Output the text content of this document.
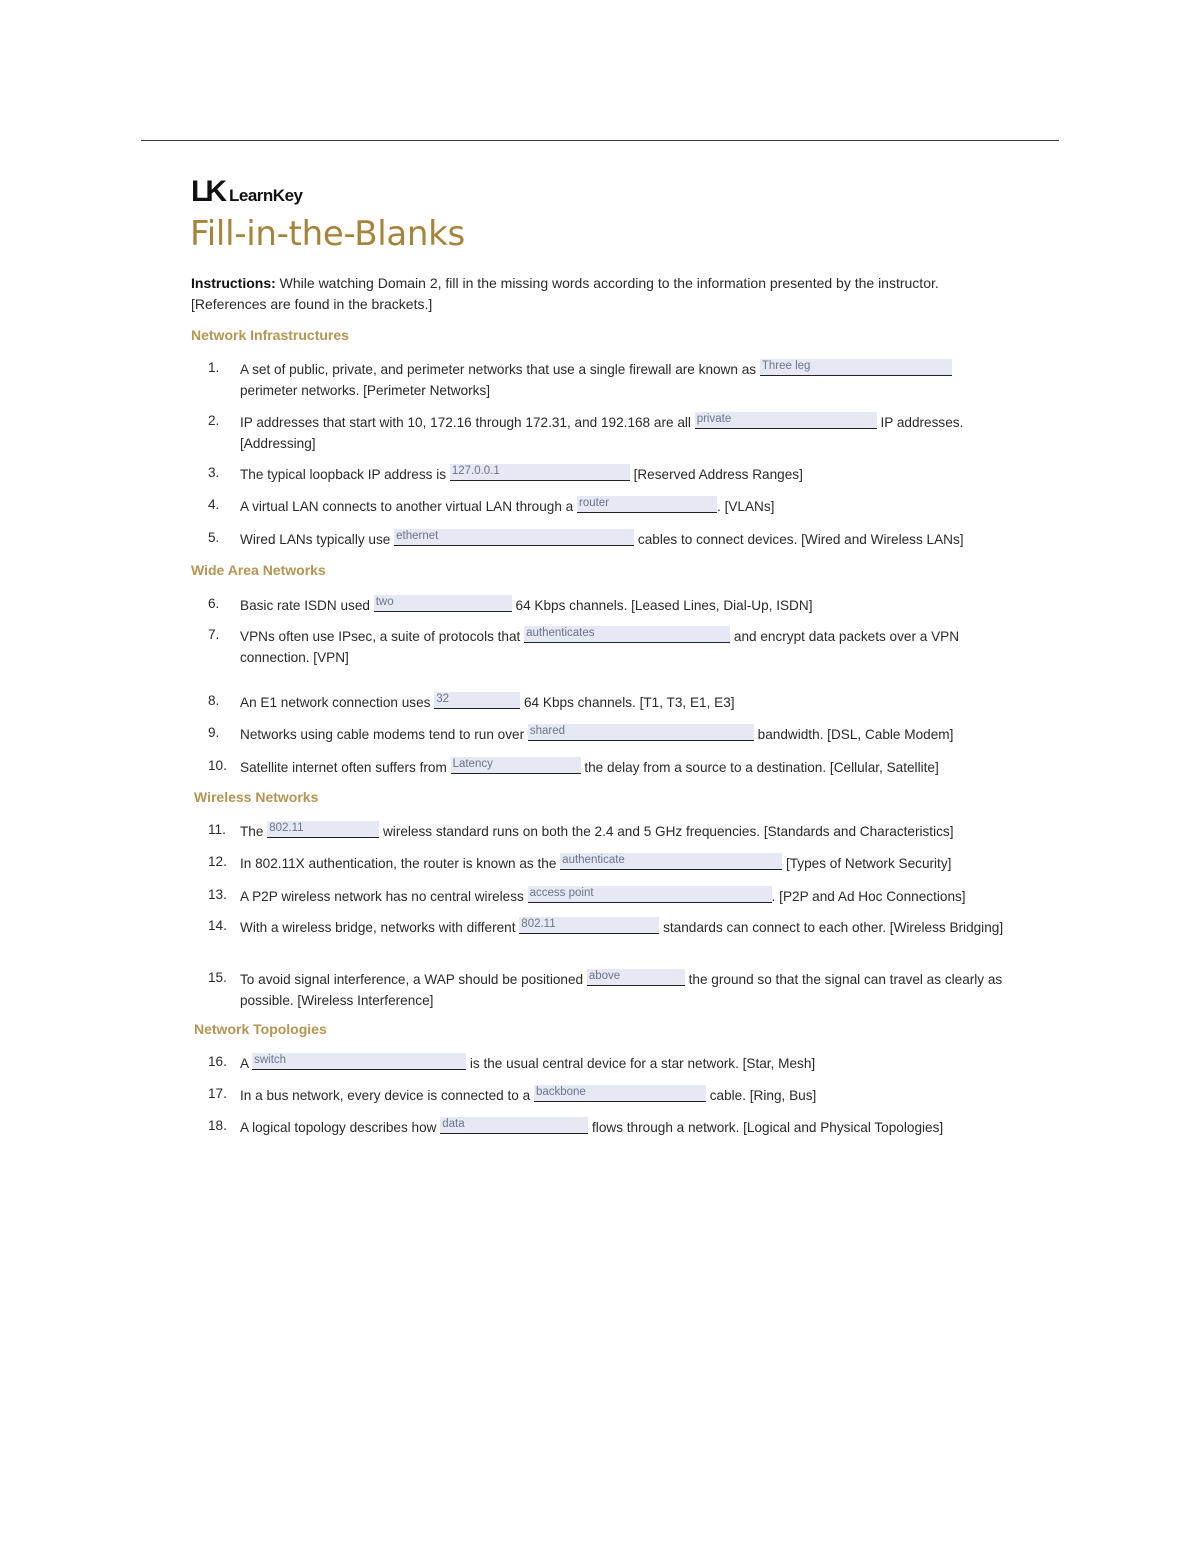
LK LearnKey
Fill-in-the-Blanks
Instructions: While watching Domain 2, fill in the missing words according to the information presented by the instructor. [References are found in the brackets.]
Network Infrastructures
1.	A set of public, private, and perimeter networks that use a single firewall are known as Three leg perimeter networks. [Perimeter Networks]
2.	IP addresses that start with 10, 172.16 through 172.31, and 192.168 are all private	IP addresses. [Addressing]
3.	The typical loopback IP address is 127.0.0.1	[Reserved Address Ranges]
4.	A virtual LAN connects to another virtual LAN through a router	. [VLANs]
5.	Wired LANs typically use ethernet	cables to connect devices. [Wired and Wireless LANs]
Wide Area Networks
6.	Basic rate ISDN used two	64 Kbps channels. [Leased Lines, Dial-Up, ISDN]
7.	VPNs often use IPsec, a suite of protocols that authenticates	and encrypt data packets over a VPN connection. [VPN]
8.	An E1 network connection uses 32	64 Kbps channels. [T1, T3, E1, E3]
9.	Networks using cable modems tend to run over shared	bandwidth. [DSL, Cable Modem]
10. Satellite internet often suffers from Latency	the delay from a source to a destination. [Cellular, Satellite]
Wireless Networks
11.	The 802.11	wireless standard runs on both the 2.4 and 5 GHz frequencies. [Standards and Characteristics]
12. In 802.11X authentication, the router is known as the authenticate	[Types of Network Security]
13. A P2P wireless network has no central wireless access point	. [P2P and Ad Hoc Connections]
14. With a wireless bridge, networks with different 802.11	standards can connect to each other. [Wireless Bridging]
15. To avoid signal interference, a WAP should be positioned above	the ground so that the signal can travel as clearly as possible. [Wireless Interference]
Network Topologies
16. A switch	is the usual central device for a star network. [Star, Mesh]
17. In a bus network, every device is connected to a backbone	cable. [Ring, Bus]
18. A logical topology describes how data	flows through a network. [Logical and Physical Topologies]
